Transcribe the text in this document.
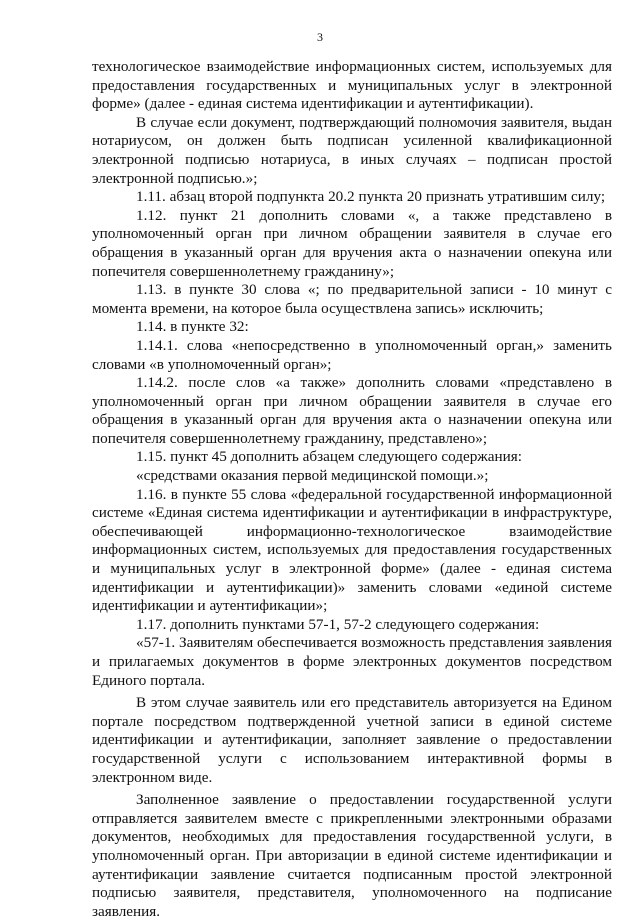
3

технологическое взаимодействие информационных систем, используемых для предоставления государственных и муниципальных услуг в электронной форме» (далее - единая система идентификации и аутентификации).

В случае если документ, подтверждающий полномочия заявителя, выдан нотариусом, он должен быть подписан усиленной квалификационной электронной подписью нотариуса, в иных случаях – подписан простой электронной подписью.»;

1.11. абзац второй подпункта 20.2 пункта 20 признать утратившим силу;

1.12. пункт 21 дополнить словами «, а также представлено в уполномоченный орган при личном обращении заявителя в случае его обращения в указанный орган для вручения акта о назначении опекуна или попечителя совершеннолетнему гражданину»;

1.13. в пункте 30 слова «; по предварительной записи - 10 минут с момента времени, на которое была осуществлена запись» исключить;

1.14. в пункте 32:

1.14.1. слова «непосредственно в уполномоченный орган,» заменить словами «в уполномоченный орган»;

1.14.2. после слов «а также» дополнить словами «представлено в уполномоченный орган при личном обращении заявителя в случае его обращения в указанный орган для вручения акта о назначении опекуна или попечителя совершеннолетнему гражданину, представлено»;

1.15. пункт 45 дополнить абзацем следующего содержания:

«средствами оказания первой медицинской помощи.»;

1.16. в пункте 55 слова «федеральной государственной информационной системе «Единая система идентификации и аутентификации в инфраструктуре, обеспечивающей информационно-технологическое взаимодействие информационных систем, используемых для предоставления государственных и муниципальных услуг в электронной форме» (далее - единая система идентификации и аутентификации)» заменить словами «единой системе идентификации и аутентификации»;

1.17. дополнить пунктами 57-1, 57-2 следующего содержания:

«57-1. Заявителям обеспечивается возможность представления заявления и прилагаемых документов в форме электронных документов посредством Единого портала.

В этом случае заявитель или его представитель авторизуется на Едином портале посредством подтвержденной учетной записи в единой системе идентификации и аутентификации, заполняет заявление о предоставлении государственной услуги с использованием интерактивной формы в электронном виде.

Заполненное заявление о предоставлении государственной услуги отправляется заявителем вместе с прикрепленными электронными образами документов, необходимых для предоставления государственной услуги, в уполномоченный орган. При авторизации в единой системе идентификации и аутентификации заявление считается подписанным простой электронной подписью заявителя, представителя, уполномоченного на подписание заявления.
